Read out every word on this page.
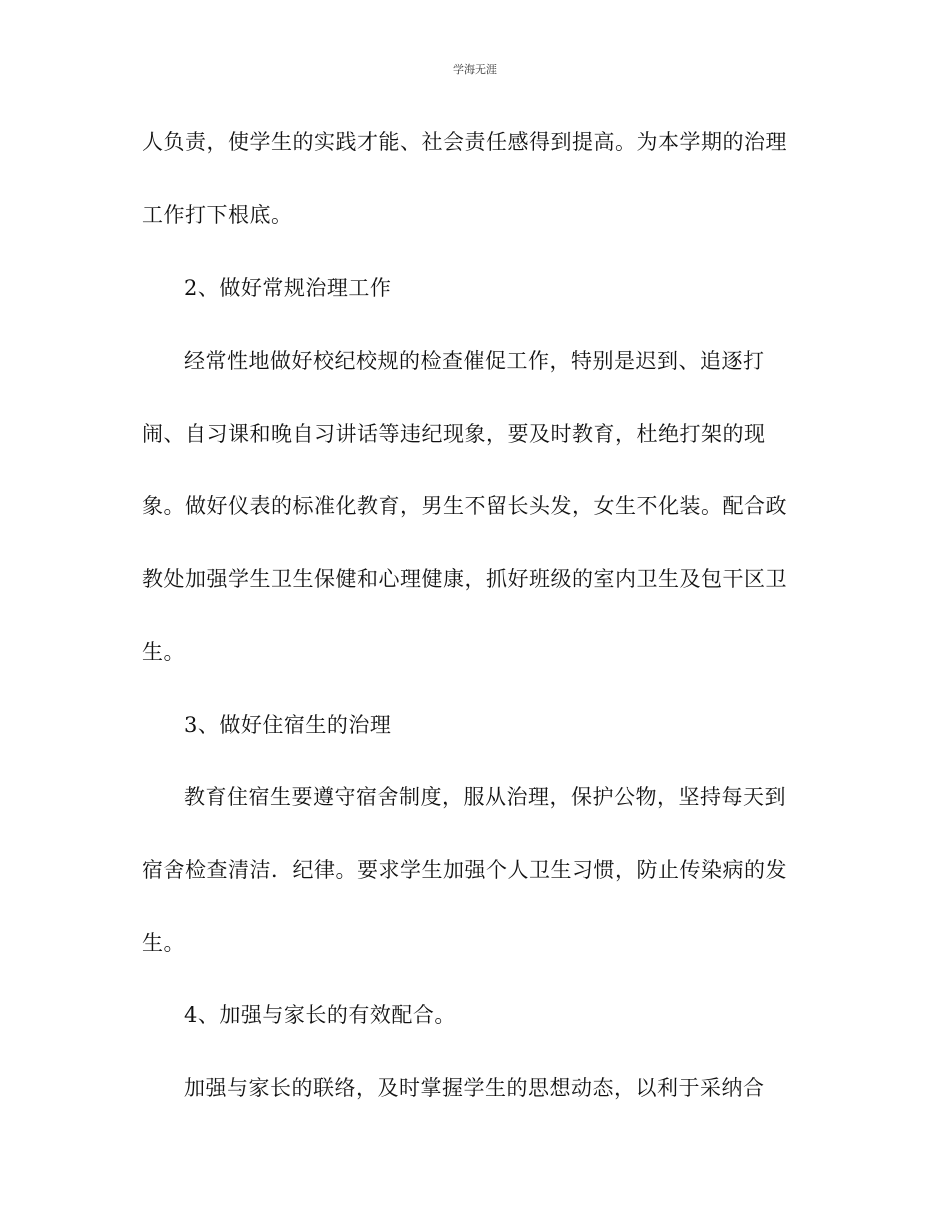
学海无涯
人负责，使学生的实践才能、社会责任感得到提高。为本学期的治理
工作打下根底。
2、做好常规治理工作
经常性地做好校纪校规的检查催促工作，特别是迟到、追逐打
闹、自习课和晚自习讲话等违纪现象，要及时教育，杜绝打架的现
象。做好仪表的标准化教育，男生不留长头发，女生不化装。配合政
教处加强学生卫生保健和心理健康，抓好班级的室内卫生及包干区卫
生。
3、做好住宿生的治理
教育住宿生要遵守宿舍制度，服从治理，保护公物，坚持每天到
宿舍检查清洁．纪律。要求学生加强个人卫生习惯，防止传染病的发
生。
4、加强与家长的有效配合。
加强与家长的联络，及时掌握学生的思想动态，以利于采纳合
